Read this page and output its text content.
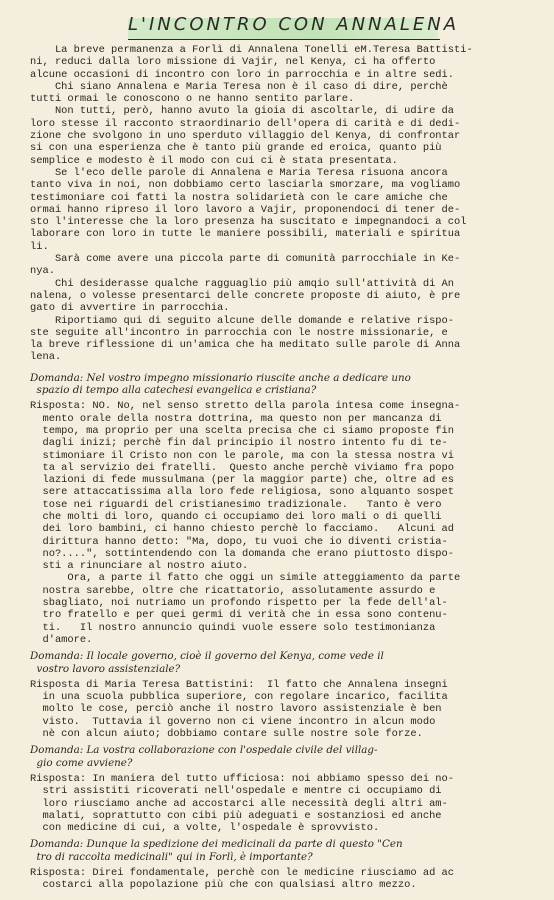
L'INCONTRO CON ANNALENA

La breve permanenza a Forlì di Annalena Tonelli eM.Teresa Battisti-

ni, reduci dalla loro missione di Vajir, nel Kenya, ci ha offerto

alcune occasioni di incontro con loro in parrocchia e in altre sedi.

Chi siano Annalena e Maria Teresa non è il caso di dire, perchè

tutti ormai le conoscono o ne hanno sentito parlare.

Non tutti, però, hanno avuto la gioia di ascoltarle, di udire da

loro stesse il racconto straordinario dell'opera di carità e di dedi-

zione che svolgono in uno sperduto villaggio del Kenya, di confrontar

si con una esperienza che è tanto più grande ed eroica, quanto più

semplice e modesto è il modo con cui ci è stata presentata.

Se l'eco delle parole di Annalena e Maria Teresa risuona ancora

tanto viva in noi, non dobbiamo certo lasciarla smorzare, ma vogliamo

testimoniare coi fatti la nostra solidarietà con le care amiche che

ormai hanno ripreso il loro lavoro a Vajir, proponendoci di tener de-

sto l'interesse che la loro presenza ha suscitato e impegnandoci a col

laborare con loro in tutte le maniere possibili, materiali e spiritua

li.

Sarà come avere una piccola parte di comunità parrocchiale in Ke-

nya.

Chi desiderasse qualche ragguaglio più amqio sull'attività di An

nalena, o volesse presentarci delle concrete proposte di aiuto, è pre

gato di avvertire in parrocchia.

Riportiamo qui di seguito alcune delle domande e relative rispo-

ste seguite all'incontro in parrocchia con le nostre missionarie, e

la breve riflessione di un'amica che ha meditato sulle parole di Anna

lena.

Domanda: Nel vostro impegno missionario riuscite anche a dedicare uno

spazio di tempo alla catechesi evangelica e cristiana?

Risposta: NO. No, nel senso stretto della parola intesa come insegna-

mento orale della nostra dottrina, ma questo non per mancanza di

tempo, ma proprio per una scelta precisa che ci siamo proposte fin

dagli inizi; perchè fin dal principio il nostro intento fu di te-

stimoniare il Cristo non con le parole, ma con la stessa nostra vi

ta al servizio dei fratelli.  Questo anche perchè viviamo fra popo

lazioni di fede mussulmana (per la maggior parte) che, oltre ad es

sere attaccatissima alla loro fede religiosa, sono alquanto sospet

tose nei riguardi del cristianesimo tradizionale.   Tanto è vero

che molti di loro, quando ci occupiamo dei loro mali o di quelli

dei loro bambini, ci hanno chiesto perchè lo facciamo.   Alcuni ad

dirittura hanno detto: "Ma, dopo, tu vuoi che io diventi cristia-

no?....", sottintendendo con la domanda che erano piuttosto dispo-

sti a rinunciare al nostro aiuto.

Ora, a parte il fatto che oggi un simile atteggiamento da parte

nostra sarebbe, oltre che ricattatorio, assolutamente assurdo e

sbagliato, noi nutriamo un profondo rispetto per la fede dell'al-

tro fratello e per quei germi di verità che in essa sono contenu-

ti.   Il nostro annuncio quindi vuole essere solo testimonianza

d'amore.

Domanda: Il locale governo, cioè il governo del Kenya, come vede il

vostro lavoro assistenziale?

Risposta di Maria Teresa Battistini:  Il fatto che Annalena insegni

in una scuola pubblica superiore, con regolare incarico, facilita

molto le cose, perciò anche il nostro lavoro assistenziale è ben

visto.  Tuttavia il governo non ci viene incontro in alcun modo

nè con alcun aiuto; dobbiamo contare sulle nostre sole forze.

Domanda: La vostra collaborazione con l'ospedale civile del villag-

gio come avviene?

Risposta: In maniera del tutto ufficiosa: noi abbiamo spesso dei no-

stri assistiti ricoverati nell'ospedale e mentre ci occupiamo di

loro riusciamo anche ad accostarci alle necessità degli altri am-

malati, soprattutto con cibi più adeguati e sostanziosi ed anche

con medicine di cui, a volte, l'ospedale è sprovvisto.

Domanda: Dunque la spedizione dei medicinali da parte di questo "Cen

tro di raccolta medicinali" qui in Forlì, è importante?

Risposta: Direi fondamentale, perchè con le medicine riusciamo ad ac

costarci alla popolazione più che con qualsiasi altro mezzo.
